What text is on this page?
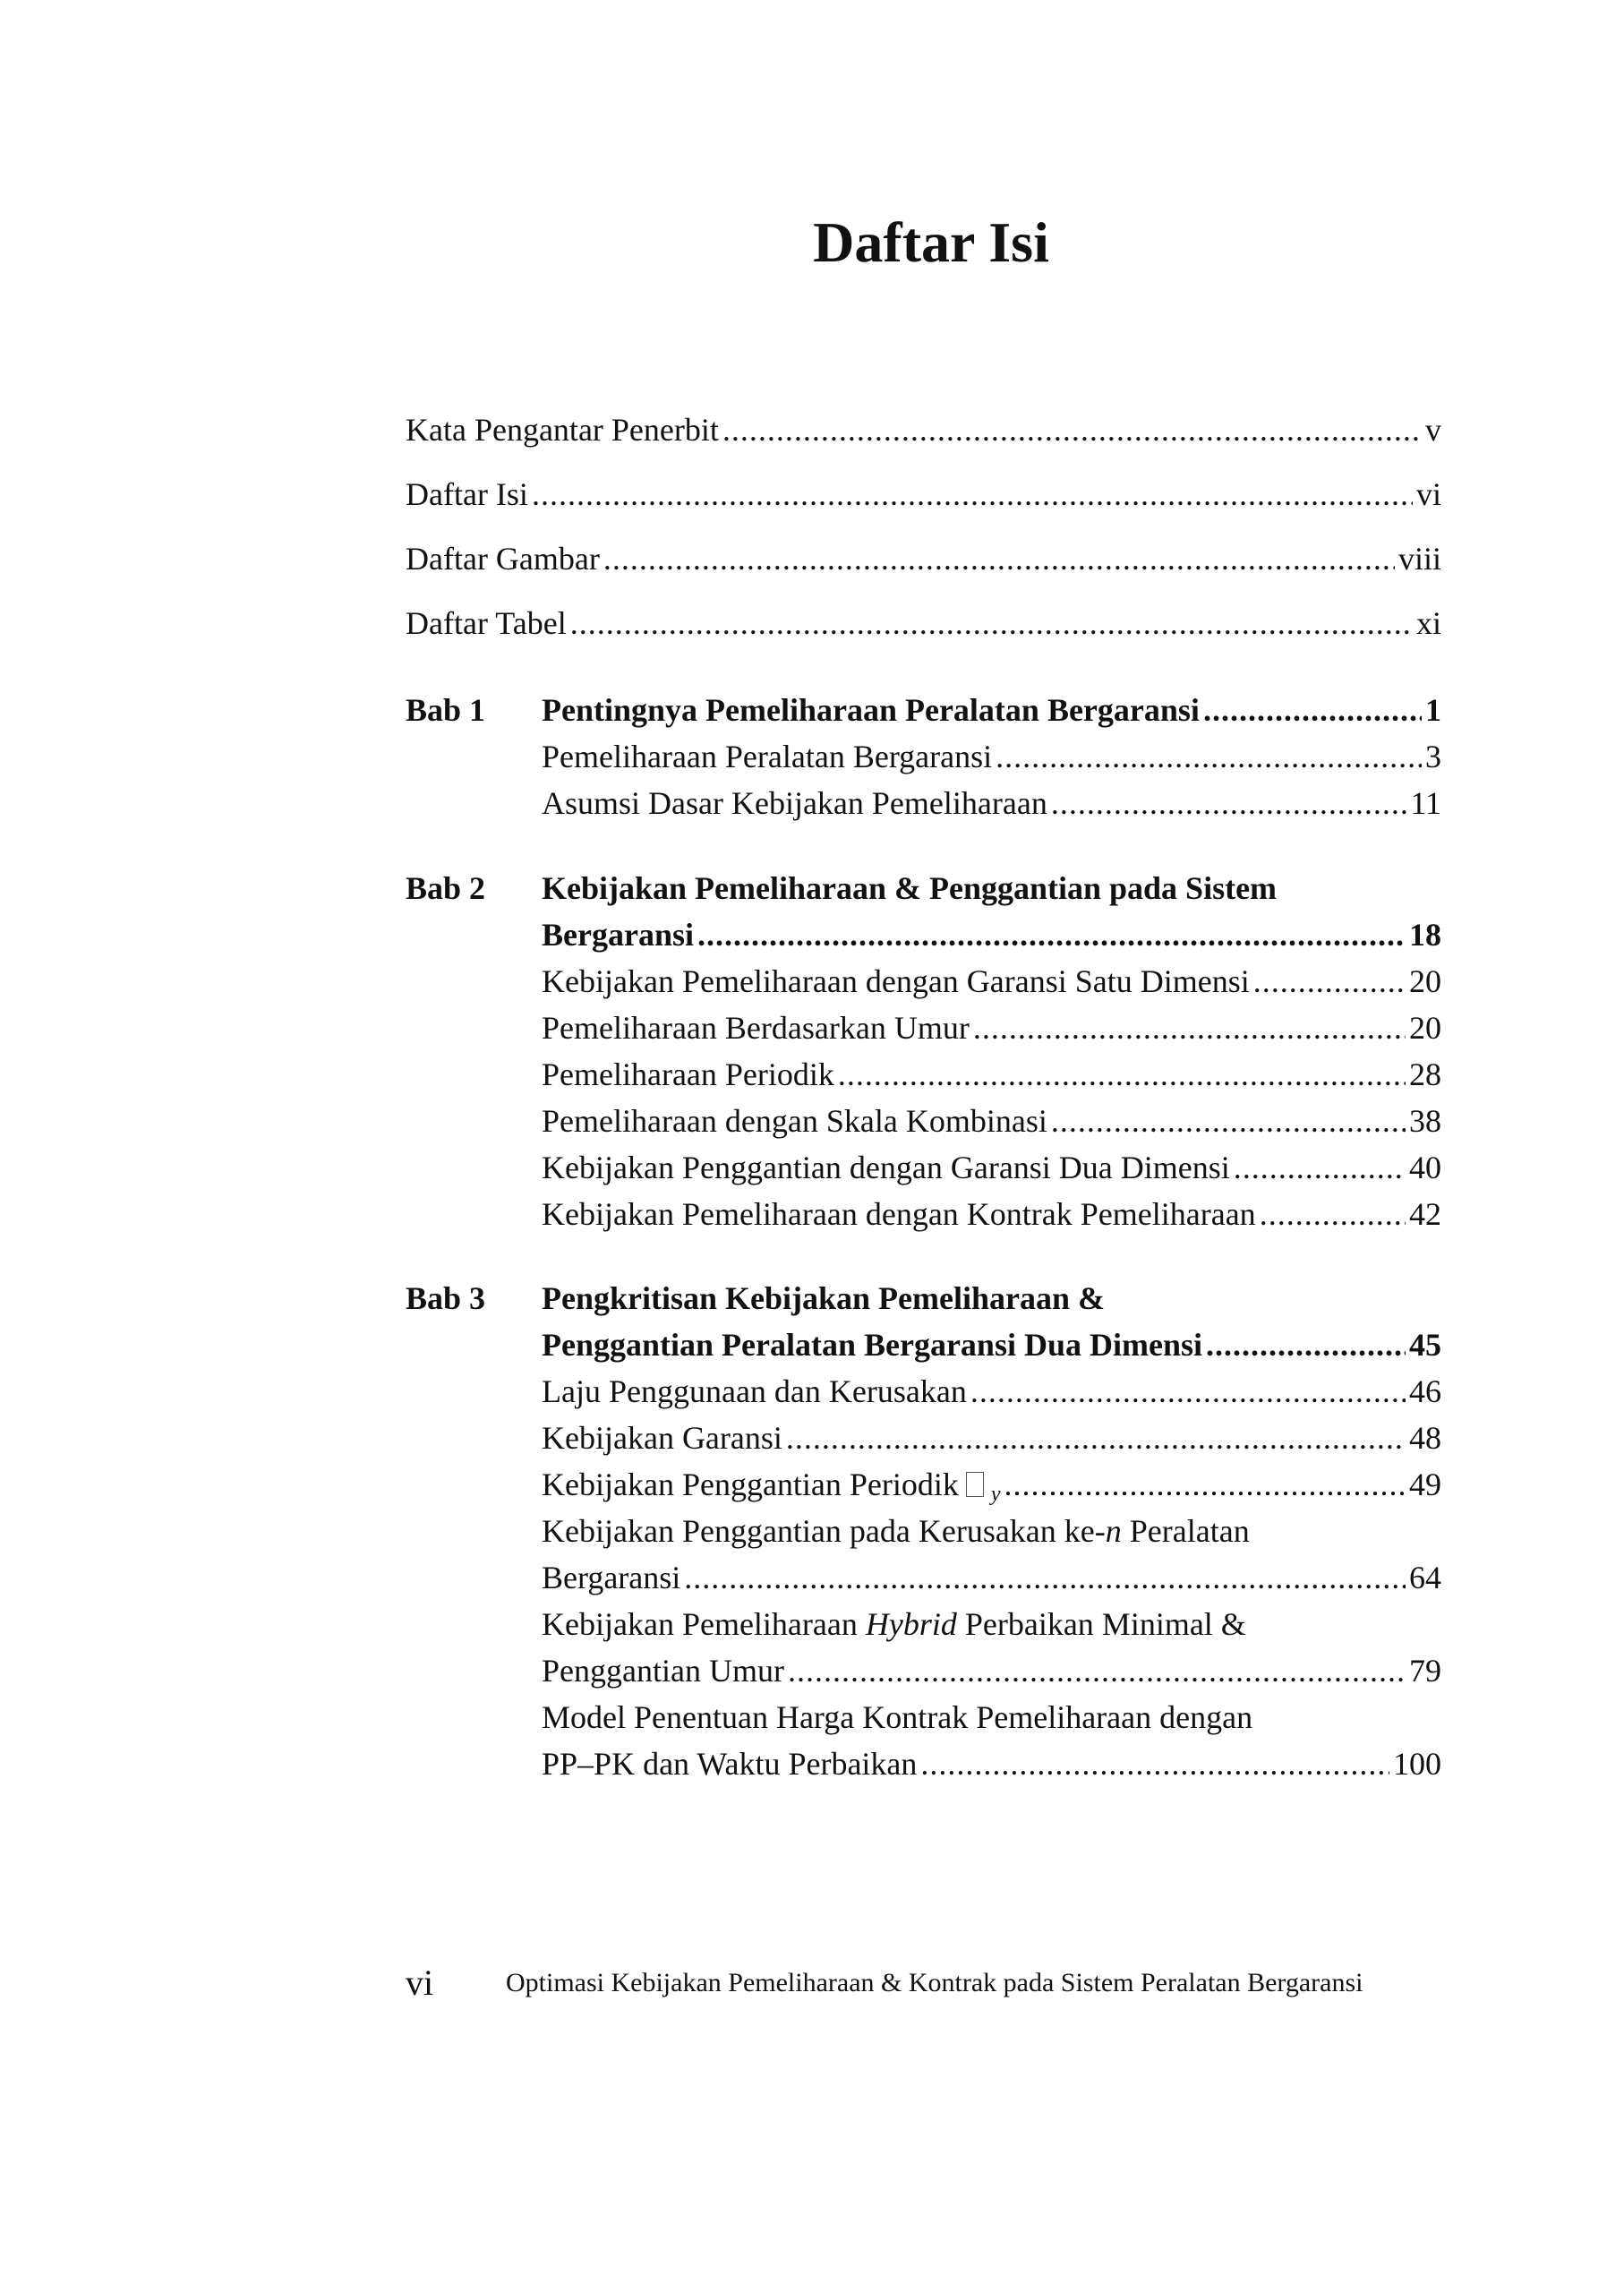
Daftar Isi
Kata Pengantar Penerbit .....	v
Daftar Isi .....	vi
Daftar Gambar .....	viii
Daftar Tabel .....	xi
Bab 1 Pentingnya Pemeliharaan Peralatan Bergaransi .....	1
Pemeliharaan Peralatan Bergaransi .....	3
Asumsi Dasar Kebijakan Pemeliharaan .....	11
Bab 2 Kebijakan Pemeliharaan & Penggantian pada Sistem
Bergaransi .....	18
Kebijakan Pemeliharaan dengan Garansi Satu Dimensi .....	20
Pemeliharaan Berdasarkan Umur .....	20
Pemeliharaan Periodik .....	28
Pemeliharaan dengan Skala Kombinasi .....	38
Kebijakan Penggantian dengan Garansi Dua Dimensi .....	40
Kebijakan Pemeliharaan dengan Kontrak Pemeliharaan .....	42
Bab 3 Pengkritisan Kebijakan Pemeliharaan &
Penggantian Peralatan Bergaransi Dua Dimensi .....	45
Laju Penggunaan dan Kerusakan .....	46
Kebijakan Garansi .....	48
Kebijakan Penggantian Periodik y .....	49
Kebijakan Penggantian pada Kerusakan ke-n Peralatan
Bergaransi .....	64
Kebijakan Pemeliharaan Hybrid Perbaikan Minimal &
Penggantian Umur .....	79
Model Penentuan Harga Kontrak Pemeliharaan dengan
PP–PK dan Waktu Perbaikan .....	100
vi	Optimasi Kebijakan Pemeliharaan & Kontrak pada Sistem Peralatan Bergaransi
